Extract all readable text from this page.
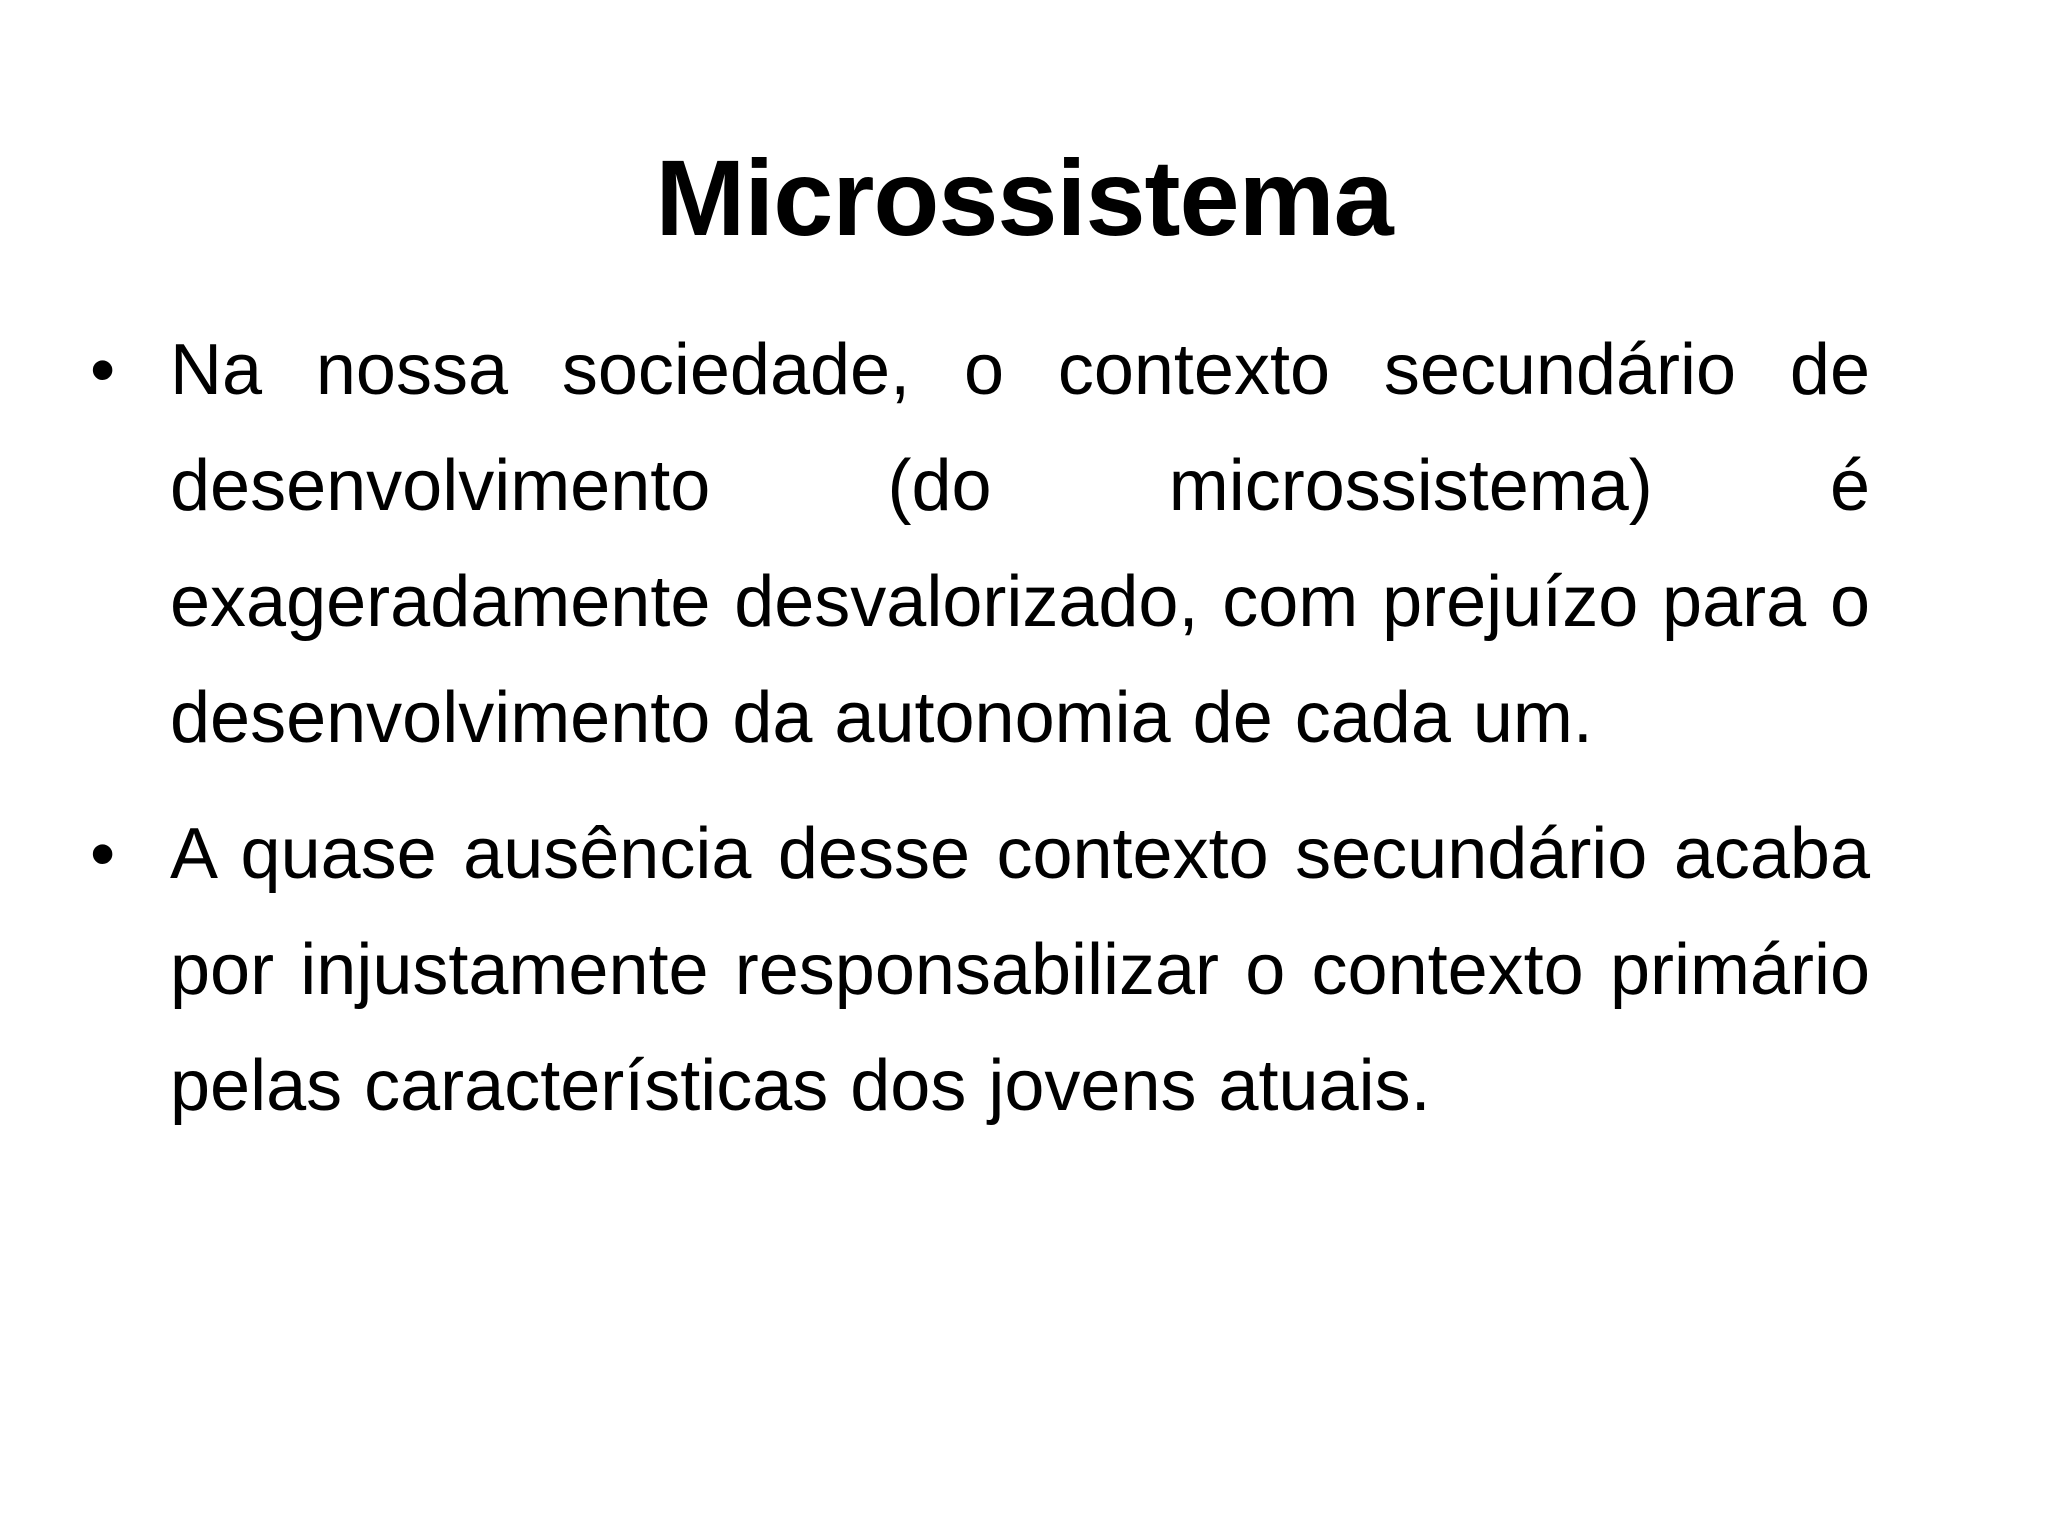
Microssistema
• Na nossa sociedade, o contexto secundário de desenvolvimento (do microssistema) é exageradamente desvalorizado, com prejuízo para o desenvolvimento da autonomia de cada um.
• A quase ausência desse contexto secundário acaba por injustamente responsabilizar o contexto primário pelas características dos jovens atuais.
